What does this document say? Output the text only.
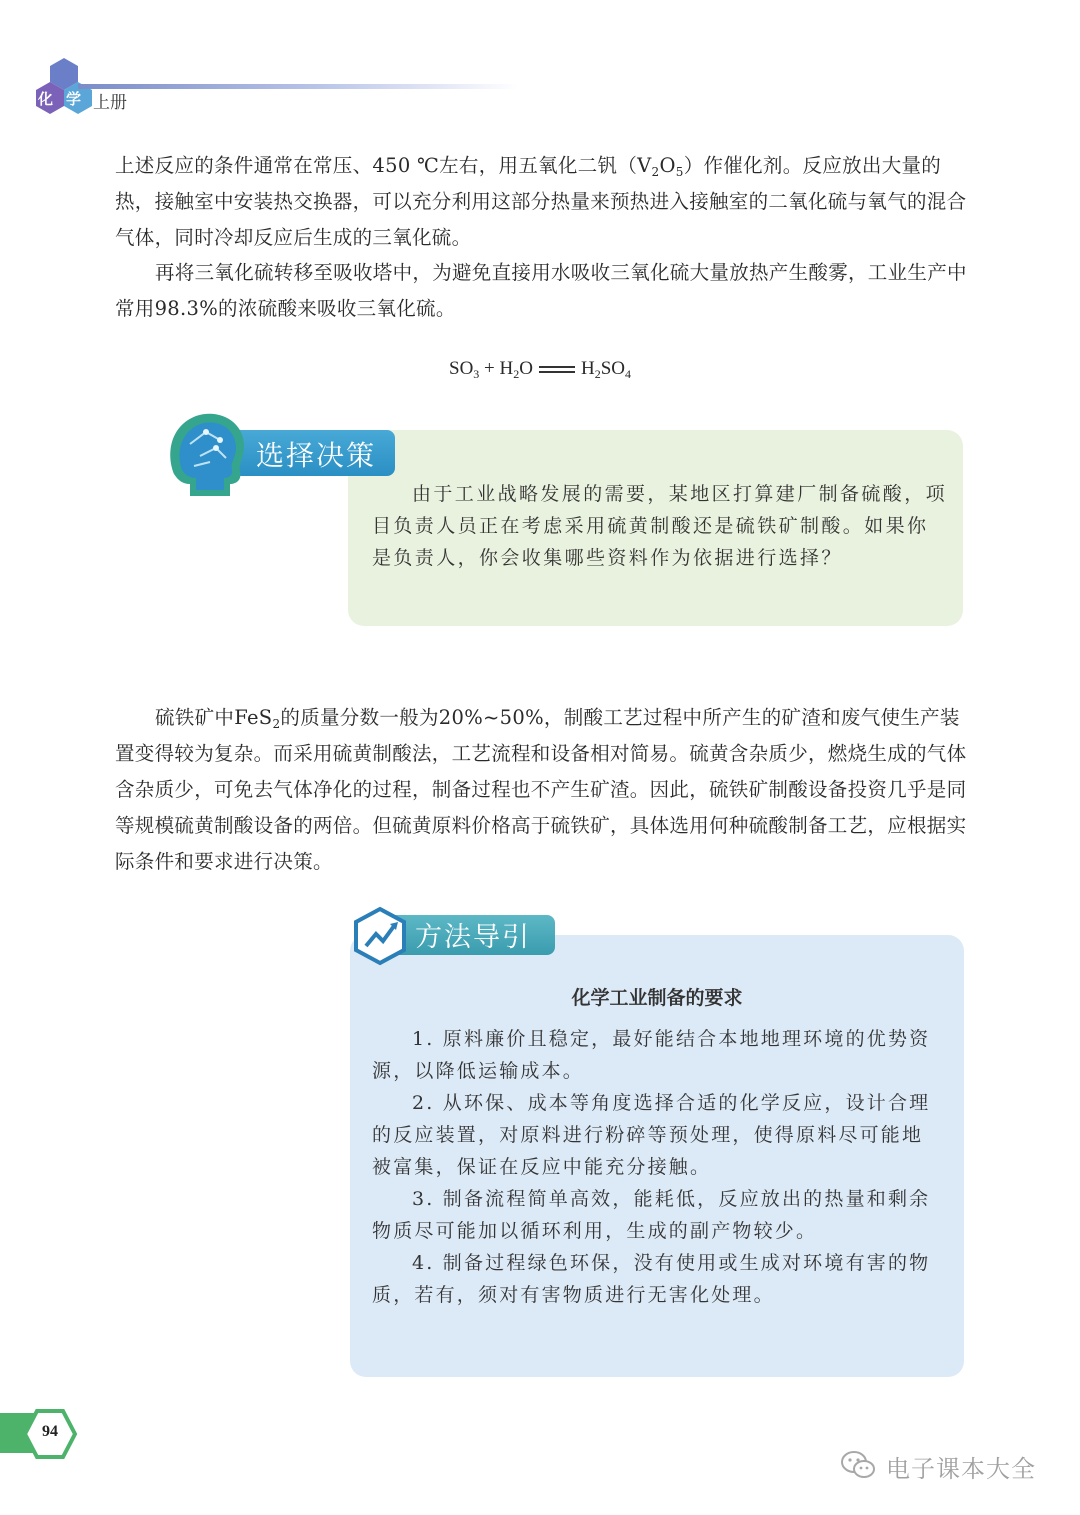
化 学 上册

上述反应的条件通常在常压、450 ℃左右，用五氧化二钒$(V_2O_5)$作催化剂。反应放出大量的热，接触室中安装热交换器，可以充分利用这部分热量来预热进入接触室的二氧化硫与氧气的混合气体，同时冷却反应后生成的三氧化硫。

再将三氧化硫转移至吸收塔中，为避免直接用水吸收三氧化硫大量放热产生酸雾，工业生产中常用98.3%的浓硫酸来吸收三氧化硫。

$SO_3 + H_2O$	$H_2SO_4$
选择决策

由于工业战略发展的需要，某地区打算建厂制备硫酸，项目负责人员正在考虑采用硫黄制酸还是硫铁矿制酸。如果你是负责人，你会收集哪些资料作为依据进行选择？

硫铁矿中FeS$_2$的质量分数一般为20%~50%，制酸工艺过程中所产生的矿渣和废气使生产装置变得较为复杂。而采用硫黄制酸法，工艺流程和设备相对简易。硫黄含杂质少，燃烧生成的气体含杂质少，可免去气体净化的过程，制备过程也不产生矿渣。因此，硫铁矿制酸设备投资几乎是同等规模硫黄制酸设备的两倍。但硫黄原料价格高于硫铁矿，具体选用何种硫酸制备工艺，应根据实际条件和要求进行决策。

方法导引
化学工业制备的要求

1. 原料廉价且稳定，最好能结合本地地理环境的优势资源，以降低运输成本。

2. 从环保、成本等角度选择合适的化学反应，设计合理的反应装置，对原料进行粉碎等预处理，使得原料尽可能地被富集，保证在反应中能充分接触。

3. 制备流程简单高效，能耗低，反应放出的热量和剩余物质尽可能加以循环利用，生成的副产物较少。

4. 制备过程绿色环保，没有使用或生成对环境有害的物质，若有，须对有害物质进行无害化处理。

94
电子课本大全
